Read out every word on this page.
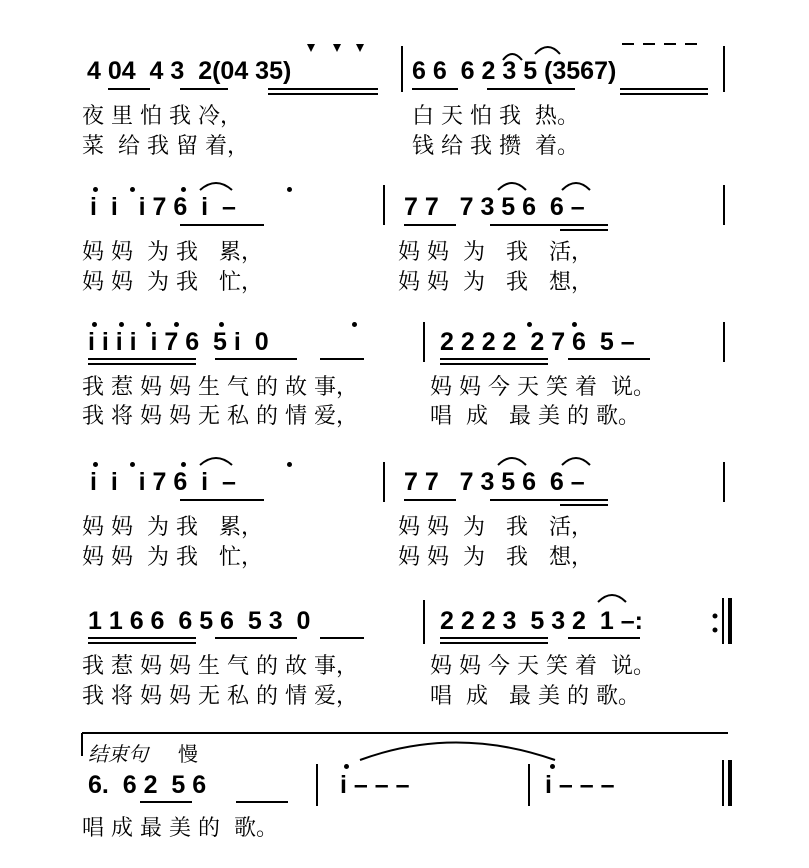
4 04  4 3  2(04 35)	6 6  6 2 3 5 (3567)
夜 里 怕 我 冷，	白 天 怕 我  热。
菜  给 我 留 着，	钱 给 我 攒  着。
i  i   i 7 6  i  –	7 7   7 3 5 6  6 –
妈 妈  为 我   累，	妈 妈  为   我   活，
妈 妈  为 我   忙，	妈 妈  为   我   想，
i i i i  i 7 6  5 i  0	2 2 2 2  2 7 6  5 –
我 惹 妈 妈 生 气 的 故 事，	妈 妈 今 天 笑 着  说。
我 将 妈 妈 无 私 的 情 爱，	唱  成   最 美 的 歌。
i  i   i 7 6  i  –	7 7   7 3 5 6  6 –
妈 妈  为 我   累，	妈 妈  为   我   活，
妈 妈  为 我   忙，	妈 妈  为   我   想，
1 1 6 6  6 5 6  5 3  0	2 2 2 3  5 3 2  1 –:
我 惹 妈 妈 生 气 的 故 事，	妈 妈 今 天 笑 着  说。
我 将 妈 妈 无 私 的 情 爱，	唱  成   最 美 的 歌。
结束句 慢
6.  6 2  5 6	i – – –	i – – –
唱 成 最 美 的  歌。
